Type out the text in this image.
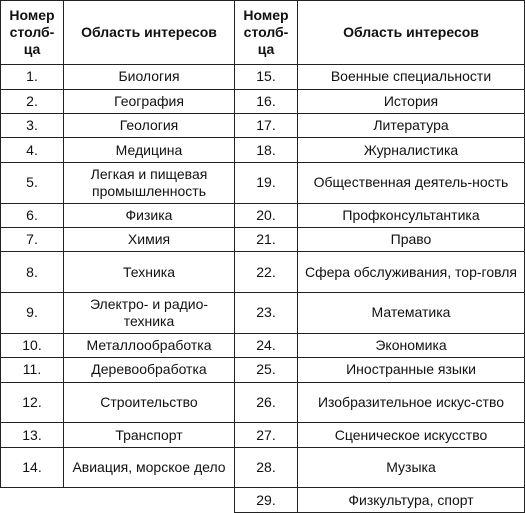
Номер столб-ца	Область интересов	Номер столб-ца	Область интересов
1.	Биология	15.	Военные специальности
2.	География	16.	История
3.	Геология	17.	Литература
4.	Медицина	18.	Журналистика
5.	Легкая и пищевая промышленность	19.	Общественная деятель-ность
6.	Физика	20.	Профконсультантика
7.	Химия	21.	Право
8.	Техника	22.	Сфера обслуживания, тор-говля
9.	Электро- и радио-техника	23.	Математика
10.	Металлообработка	24.	Экономика
11.	Деревообработка	25.	Иностранные языки
12.	Строительство	26.	Изобразительное искус-ство
13.	Транспорт	27.	Сценическое искусство
14.	Авиация, морское дело	28.	Музыка
		29.	Физкультура, спорт
